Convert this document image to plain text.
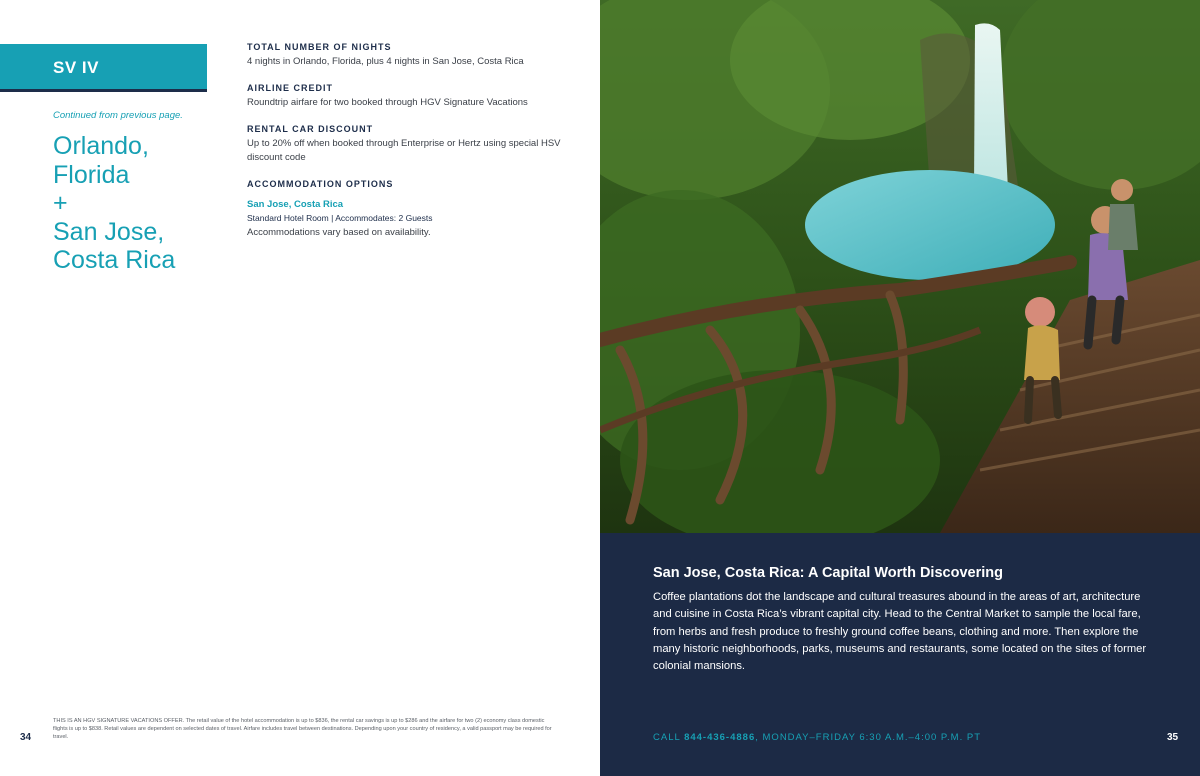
SV IV
Continued from previous page.
Orlando,
Florida
+
San Jose,
Costa Rica
TOTAL NUMBER OF NIGHTS
4 nights in Orlando, Florida, plus 4 nights in San Jose, Costa Rica
AIRLINE CREDIT
Roundtrip airfare for two booked through HGV Signature Vacations
RENTAL CAR DISCOUNT
Up to 20% off when booked through Enterprise or Hertz using special HSV discount code
ACCOMMODATION OPTIONS
San Jose, Costa Rica
Standard Hotel Room | Accommodates: 2 Guests
Accommodations vary based on availability.
34
THIS IS AN HGV SIGNATURE VACATIONS OFFER. The retail value of the hotel accommodation is up to $836, the rental car savings is up to $286 and the airfare for two (2) economy class domestic flights is up to $838. Retail values are dependent on selected dates of travel. Airfare includes travel between destinations. Depending upon your country of residency, a valid passport may be required for travel.
San Jose, Costa Rica: A Capital Worth Discovering
Coffee plantations dot the landscape and cultural treasures abound in the areas of art, architecture and cuisine in Costa Rica’s vibrant capital city. Head to the Central Market to sample the local fare, from herbs and fresh produce to freshly ground coffee beans, clothing and more. Then explore the many historic neighborhoods, parks, museums and restaurants, some located on the sites of former colonial mansions.
CALL 844-436-4886, MONDAY–FRIDAY 6:30 A.M.–4:00 P.M. PT	35
